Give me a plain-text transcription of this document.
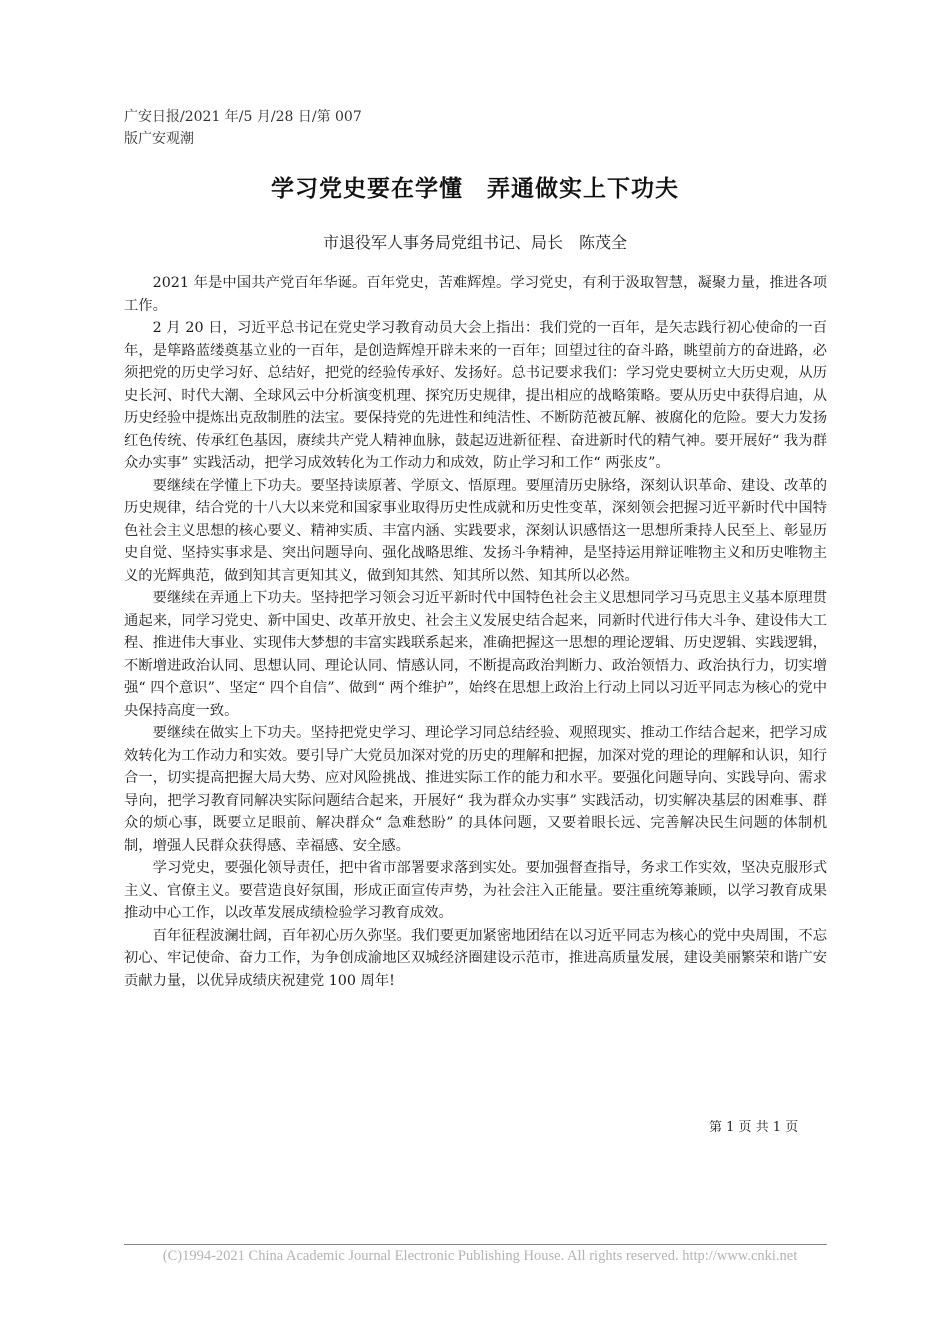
广安日报/2021 年/5 月/28 日/第 007
版广安观潮
学习党史要在学懂　弄通做实上下功夫
市退役军人事务局党组书记、局长 陈茂全

2021 年是中国共产党百年华诞。百年党史，苦难辉煌。学习党史，有利于汲取智慧，凝聚力量，推进各项工作。

2 月 20 日，习近平总书记在党史学习教育动员大会上指出：我们党的一百年，是矢志践行初心使命的一百年，是筚路蓝缕奠基立业的一百年，是创造辉煌开辟未来的一百年；回望过往的奋斗路，眺望前方的奋进路，必须把党的历史学习好、总结好，把党的经验传承好、发扬好。总书记要求我们：学习党史要树立大历史观，从历史长河、时代大潮、全球风云中分析演变机理、探究历史规律，提出相应的战略策略。要从历史中获得启迪，从历史经验中提炼出克敌制胜的法宝。要保持党的先进性和纯洁性、不断防范被瓦解、被腐化的危险。要大力发扬红色传统、传承红色基因，赓续共产党人精神血脉，鼓起迈进新征程、奋进新时代的精气神。要开展好“ 我为群众办实事” 实践活动，把学习成效转化为工作动力和成效，防止学习和工作“ 两张皮”。

要继续在学懂上下功夫。要坚持读原著、学原文、悟原理。要厘清历史脉络，深刻认识革命、建设、改革的历史规律，结合党的十八大以来党和国家事业取得历史性成就和历史性变革，深刻领会把握习近平新时代中国特色社会主义思想的核心要义、精神实质、丰富内涵、实践要求，深刻认识感悟这一思想所秉持人民至上、彰显历史自觉、坚持实事求是、突出问题导向、强化战略思维、发扬斗争精神，是坚持运用辩证唯物主义和历史唯物主义的光辉典范，做到知其言更知其义，做到知其然、知其所以然、知其所以必然。

要继续在弄通上下功夫。坚持把学习领会习近平新时代中国特色社会主义思想同学习马克思主义基本原理贯通起来，同学习党史、新中国史、改革开放史、社会主义发展史结合起来，同新时代进行伟大斗争、建设伟大工程、推进伟大事业、实现伟大梦想的丰富实践联系起来，准确把握这一思想的理论逻辑、历史逻辑、实践逻辑，不断增进政治认同、思想认同、理论认同、情感认同，不断提高政治判断力、政治领悟力、政治执行力，切实增强“ 四个意识”、坚定“ 四个自信”、做到“ 两个维护”，始终在思想上政治上行动上同以习近平同志为核心的党中央保持高度一致。

要继续在做实上下功夫。坚持把党史学习、理论学习同总结经验、观照现实、推动工作结合起来，把学习成效转化为工作动力和实效。要引导广大党员加深对党的历史的理解和把握，加深对党的理论的理解和认识，知行合一，切实提高把握大局大势、应对风险挑战、推进实际工作的能力和水平。要强化问题导向、实践导向、需求导向，把学习教育同解决实际问题结合起来，开展好“ 我为群众办实事” 实践活动，切实解决基层的困难事、群众的烦心事，既要立足眼前、解决群众“ 急难愁盼” 的具体问题，又要着眼长远、完善解决民生问题的体制机制，增强人民群众获得感、幸福感、安全感。

学习党史，要强化领导责任，把中省市部署要求落到实处。要加强督查指导，务求工作实效，坚决克服形式主义、官僚主义。要营造良好氛围，形成正面宣传声势，为社会注入正能量。要注重统筹兼顾，以学习教育成果推动中心工作，以改革发展成绩检验学习教育成效。

百年征程波澜壮阔，百年初心历久弥坚。我们要更加紧密地团结在以习近平同志为核心的党中央周围，不忘初心、牢记使命、奋力工作，为争创成渝地区双城经济圈建设示范市，推进高质量发展，建设美丽繁荣和谐广安贡献力量，以优异成绩庆祝建党 100 周年!

第 1 页 共 1 页
(C)1994-2021 China Academic Journal Electronic Publishing House. All rights reserved. http://www.cnki.net
